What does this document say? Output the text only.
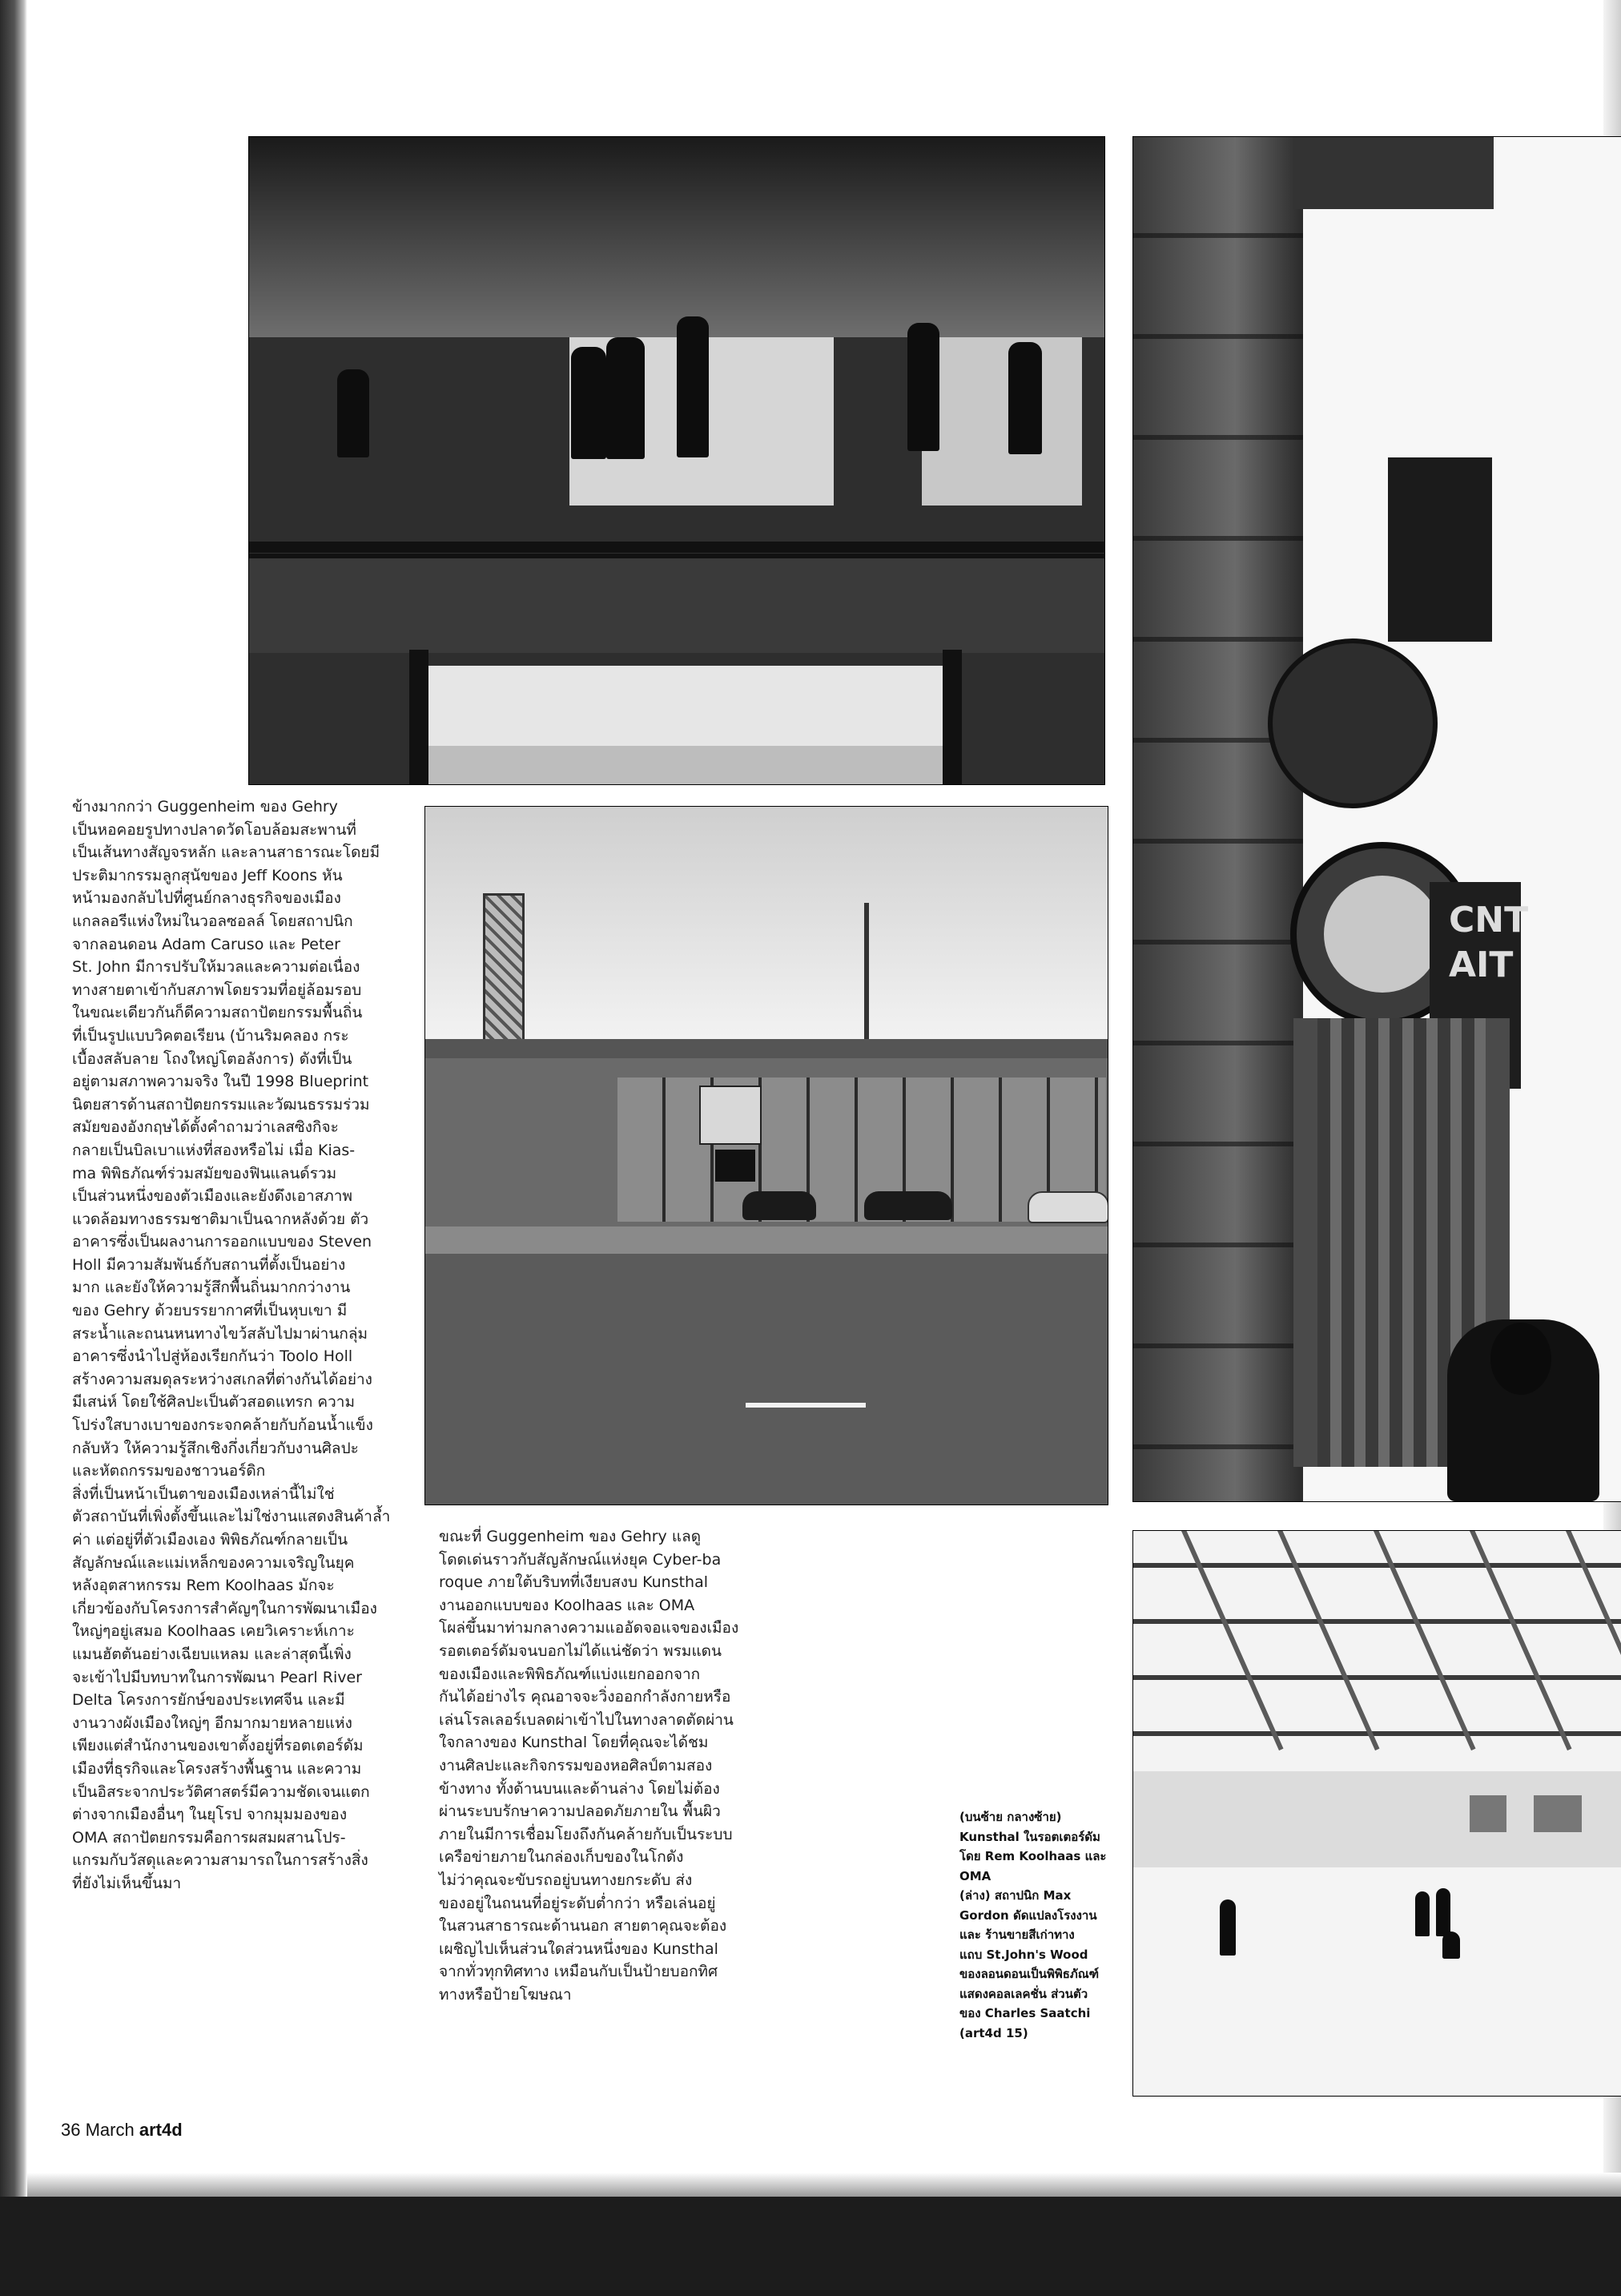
CNT
AIT

ข้างมากกว่า Guggenheim ของ Gehry
เป็นหอคอยรูปทางปลาดวัดโอบล้อมสะพานที่
เป็นเส้นทางสัญจรหลัก และลานสาธารณะโดยมี
ประติมากรรมลูกสุนัขของ Jeff Koons หัน
หน้ามองกลับไปที่ศูนย์กลางธุรกิจของเมือง
แกลลอรีแห่งใหม่ในวอลซอลล์ โดยสถาปนิก
จากลอนดอน Adam Caruso และ Peter
St. John มีการปรับให้มวลและความต่อเนื่อง
ทางสายตาเข้ากับสภาพโดยรวมที่อยู่ล้อมรอบ
ในขณะเดียวกันก็ดีความสถาปัตยกรรมพื้นถิ่น
ที่เป็นรูปแบบวิคตอเรียน (บ้านริมคลอง กระ
เบื้องสลับลาย โถงใหญ่โตอลังการ) ดังที่เป็น
อยู่ตามสภาพความจริง ในปี 1998 Blueprint
นิตยสารด้านสถาปัตยกรรมและวัฒนธรรมร่วม
สมัยของอังกฤษได้ตั้งคำถามว่าเลสซิงกิจะ
กลายเป็นบิลเบาแห่งที่สองหรือไม่ เมื่อ Kias-
ma พิพิธภัณฑ์ร่วมสมัยของฟินแลนด์รวม
เป็นส่วนหนึ่งของตัวเมืองและยังดึงเอาสภาพ
แวดล้อมทางธรรมชาติมาเป็นฉากหลังด้วย ตัว
อาคารซึ่งเป็นผลงานการออกแบบของ Steven
Holl มีความสัมพันธ์กับสถานที่ตั้งเป็นอย่าง
มาก และยังให้ความรู้สึกพื้นถิ่นมากกว่างาน
ของ Gehry ด้วยบรรยากาศที่เป็นหุบเขา มี
สระน้ำและถนนหนทางไขว้สลับไปมาผ่านกลุ่ม
อาคารซึ่งนำไปสู่ห้องเรียกกันว่า Toolo Holl
สร้างความสมดุลระหว่างสเกลที่ต่างกันได้อย่าง
มีเสน่ห์ โดยใช้ศิลปะเป็นตัวสอดแทรก ความ
โปร่งใสบางเบาของกระจกคล้ายกับก้อนน้ำแข็ง
กลับหัว ให้ความรู้สึกเชิงกึ่งเกี่ยวกับงานศิลปะ
และหัตถกรรมของชาวนอร์ดิก
สิ่งที่เป็นหน้าเป็นตาของเมืองเหล่านี้ไม่ใช่
ตัวสถาบันที่เพิ่งตั้งขึ้นและไม่ใช่งานแสดงสินค้าล้ำ
ค่า แต่อยู่ที่ตัวเมืองเอง พิพิธภัณฑ์กลายเป็น
สัญลักษณ์และแม่เหล็กของความเจริญในยุค
หลังอุตสาหกรรม Rem Koolhaas มักจะ
เกี่ยวข้องกับโครงการสำคัญๆในการพัฒนาเมือง
ใหญ่ๆอยู่เสมอ Koolhaas เคยวิเคราะห์เกาะ
แมนฮัตตันอย่างเฉียบแหลม และล่าสุดนี้เพิ่ง
จะเข้าไปมีบทบาทในการพัฒนา Pearl River
Delta โครงการยักษ์ของประเทศจีน และมี
งานวางผังเมืองใหญ่ๆ อีกมากมายหลายแห่ง
เพียงแต่สำนักงานของเขาตั้งอยู่ที่รอตเตอร์ดัม
เมืองที่ธุรกิจและโครงสร้างพื้นฐาน และความ
เป็นอิสระจากประวัติศาสตร์มีความชัดเจนแตก
ต่างจากเมืองอื่นๆ ในยุโรป จากมุมมองของ
OMA สถาปัตยกรรมคือการผสมผสานโปร-
แกรมกับวัสดุและความสามารถในการสร้างสิ่ง
ที่ยังไม่เห็นขึ้นมา

ขณะที่ Guggenheim ของ Gehry แลดู
โดดเด่นราวกับสัญลักษณ์แห่งยุค Cyber-ba
roque ภายใต้บริบทที่เงียบสงบ Kunsthal
งานออกแบบของ Koolhaas และ OMA
โผล่ขึ้นมาท่ามกลางความแออัดจอแจของเมือง
รอตเตอร์ดัมจนบอกไม่ได้แน่ชัดว่า พรมแดน
ของเมืองและพิพิธภัณฑ์แบ่งแยกออกจาก
กันได้อย่างไร คุณอาจจะวิ่งออกกำลังกายหรือ
เล่นโรลเลอร์เบลดผ่าเข้าไปในทางลาดตัดผ่าน
ใจกลางของ Kunsthal โดยที่คุณจะได้ชม
งานศิลปะและกิจกรรมของหอศิลป์ตามสอง
ข้างทาง ทั้งด้านบนและด้านล่าง โดยไม่ต้อง
ผ่านระบบรักษาความปลอดภัยภายใน พื้นผิว
ภายในมีการเชื่อมโยงถึงกันคล้ายกับเป็นระบบ
เครือข่ายภายในกล่องเก็บของในโกดัง
ไม่ว่าคุณจะขับรถอยู่บนทางยกระดับ ส่ง
ของอยู่ในถนนที่อยู่ระดับต่ำกว่า หรือเล่นอยู่
ในสวนสาธารณะด้านนอก สายตาคุณจะต้อง
เผชิญไปเห็นส่วนใดส่วนหนึ่งของ Kunsthal
จากทั่วทุกทิศทาง เหมือนกับเป็นป้ายบอกทิศ
ทางหรือป้ายโฆษณา

(บนซ้าย กลางซ้าย)
Kunsthal ในรอตเตอร์ดัม
โดย Rem Koolhaas และ
OMA
(ล่าง) สถาปนิก Max
Gordon ดัดแปลงโรงงาน
และ ร้านขายสีเก่าทาง
แถบ St.John's Wood
ของลอนดอนเป็นพิพิธภัณฑ์
แสดงคอลเลคชั่น ส่วนตัว
ของ Charles Saatchi
(art4d 15)
36 March art4d
